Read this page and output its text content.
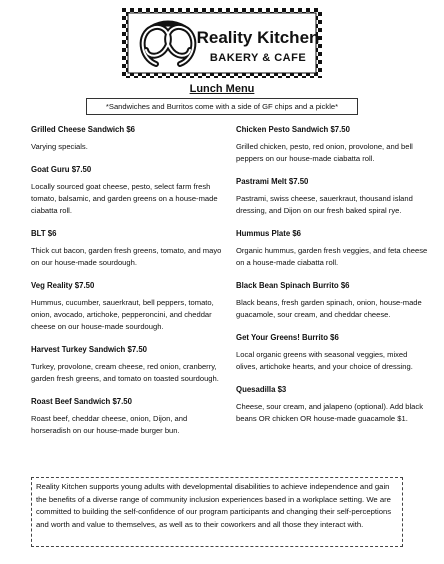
Reality Kitchen
BAKERY & CAFE
Lunch Menu
*Sandwiches and Burritos come with a side of GF chips and a pickle*
Grilled Cheese Sandwich $6
Varying specials.
Goat Guru $7.50
Locally sourced goat cheese, pesto, select farm fresh tomato, balsamic, and garden greens on a house-made ciabatta roll.
BLT $6
Thick cut bacon, garden fresh greens, tomato, and mayo on our house-made sourdough.
Veg Reality $7.50
Hummus, cucumber, sauerkraut, bell peppers, tomato, onion, avocado, artichoke, pepperoncini, and cheddar cheese on our house-made sourdough.
Harvest Turkey Sandwich $7.50
Turkey, provolone, cream cheese, red onion, cranberry, garden fresh greens, and tomato on toasted sourdough.
Roast Beef Sandwich $7.50
Roast beef, cheddar cheese, onion, Dijon, and horseradish on our house-made burger bun.
Chicken Pesto Sandwich $7.50
Grilled chicken, pesto, red onion, provolone, and bell peppers on our house-made ciabatta roll.
Pastrami Melt $7.50
Pastrami, swiss cheese, sauerkraut, thousand island dressing, and Dijon on our fresh baked spiral rye.
Hummus Plate $6
Organic hummus, garden fresh veggies, and feta cheese on a house-made ciabatta roll.
Black Bean Spinach Burrito $6
Black beans, fresh garden spinach, onion, house-made guacamole, sour cream, and cheddar cheese.
Get Your Greens! Burrito $6
Local organic greens with seasonal veggies, mixed olives, artichoke hearts, and your choice of dressing.
Quesadilla $3
Cheese, sour cream, and jalapeno (optional). Add black beans OR chicken OR house-made guacamole $1.
Reality Kitchen supports young adults with developmental disabilities to achieve independence and gain the benefits of a diverse range of community inclusion experiences based in a workplace setting. We are committed to building the self-confidence of our program participants and changing their self-perceptions and worth and value to themselves, as well as to their coworkers and all those they interact with.
